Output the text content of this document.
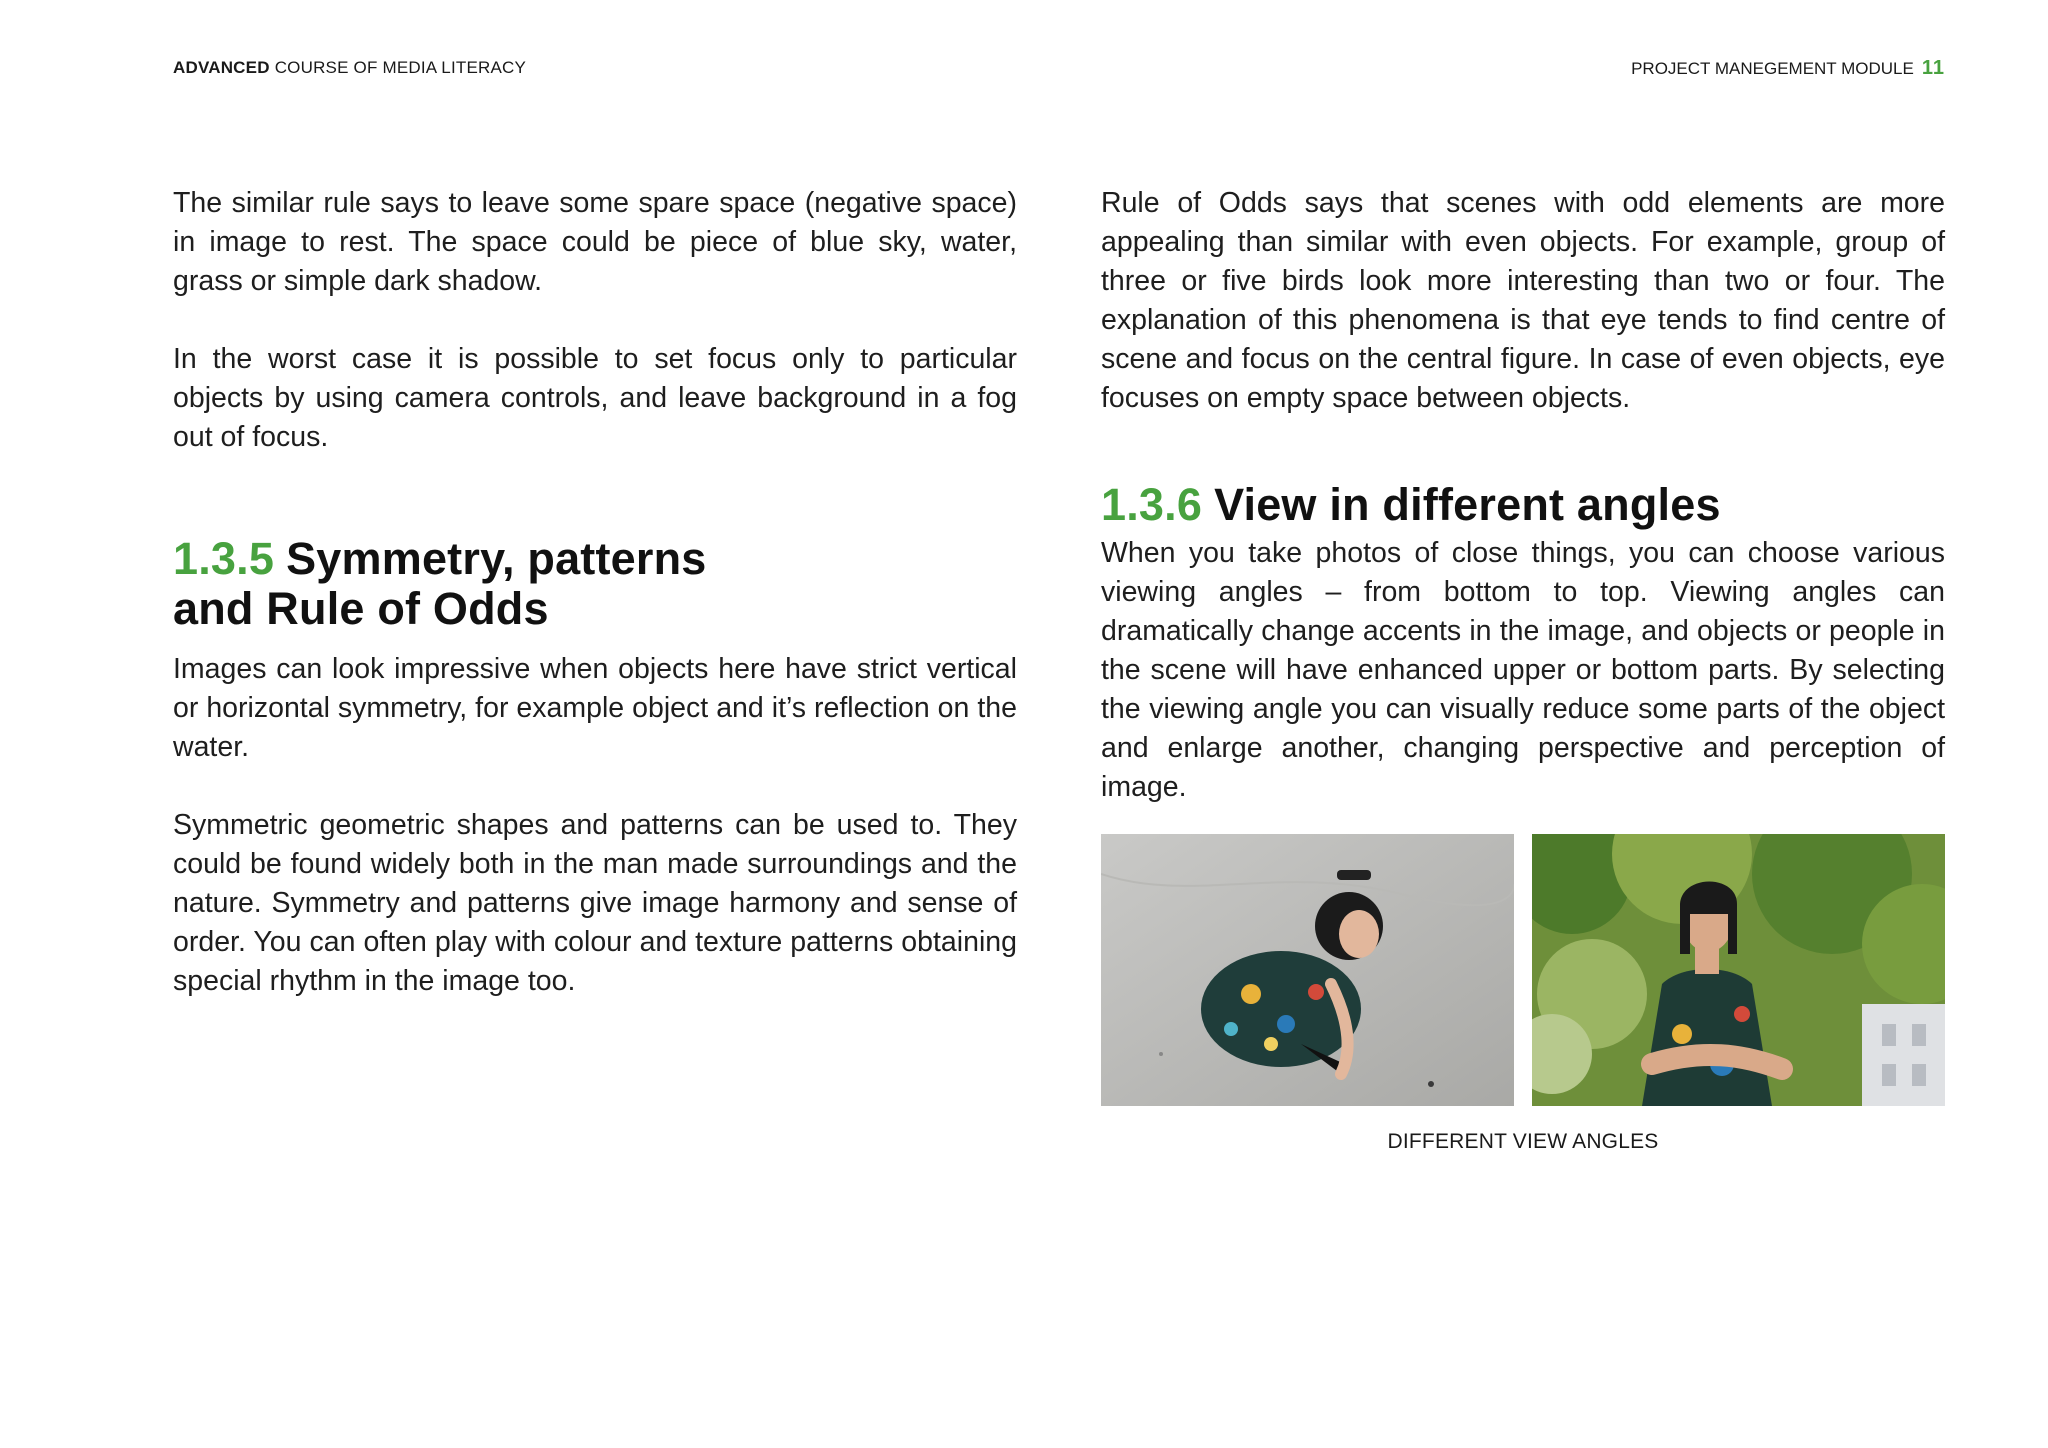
ADVANCED COURSE OF MEDIA LITERACY	PROJECT MANEGEMENT MODULE 11

The similar rule says to leave some spare space (negative space) in image to rest. The space could be piece of blue sky, water, grass or simple dark shadow.

In the worst case it is possible to set focus only to particular objects by using camera controls, and leave background in a fog out of focus.

1.3.5 Symmetry, patterns
and Rule of Odds

Images can look impressive when objects here have strict vertical or horizontal symmetry, for example object and it’s reflection on the water.

Symmetric geometric shapes and patterns can be used to. They could be found widely both in the man made surroundings and the nature. Symmetry and patterns give image harmony and sense of order. You can often play with colour and texture patterns obtaining special rhythm in the image too.

Rule of Odds says that scenes with odd elements are more appealing than similar with even objects. For example, group of three or five birds look more interesting than two or four. The explanation of this phenomena is that eye tends to find centre of scene and focus on the central figure. In case of even objects, eye focuses on empty space between objects.

1.3.6 View in different angles

When you take photos of close things, you can choose various viewing angles – from bottom to top. Viewing angles can dramatically change accents in the image, and objects or people in the scene will have enhanced upper or bottom parts. By selecting the viewing angle you can visually reduce some parts of the object and enlarge another, changing perspective and perception of image.

DIFFERENT VIEW ANGLES
